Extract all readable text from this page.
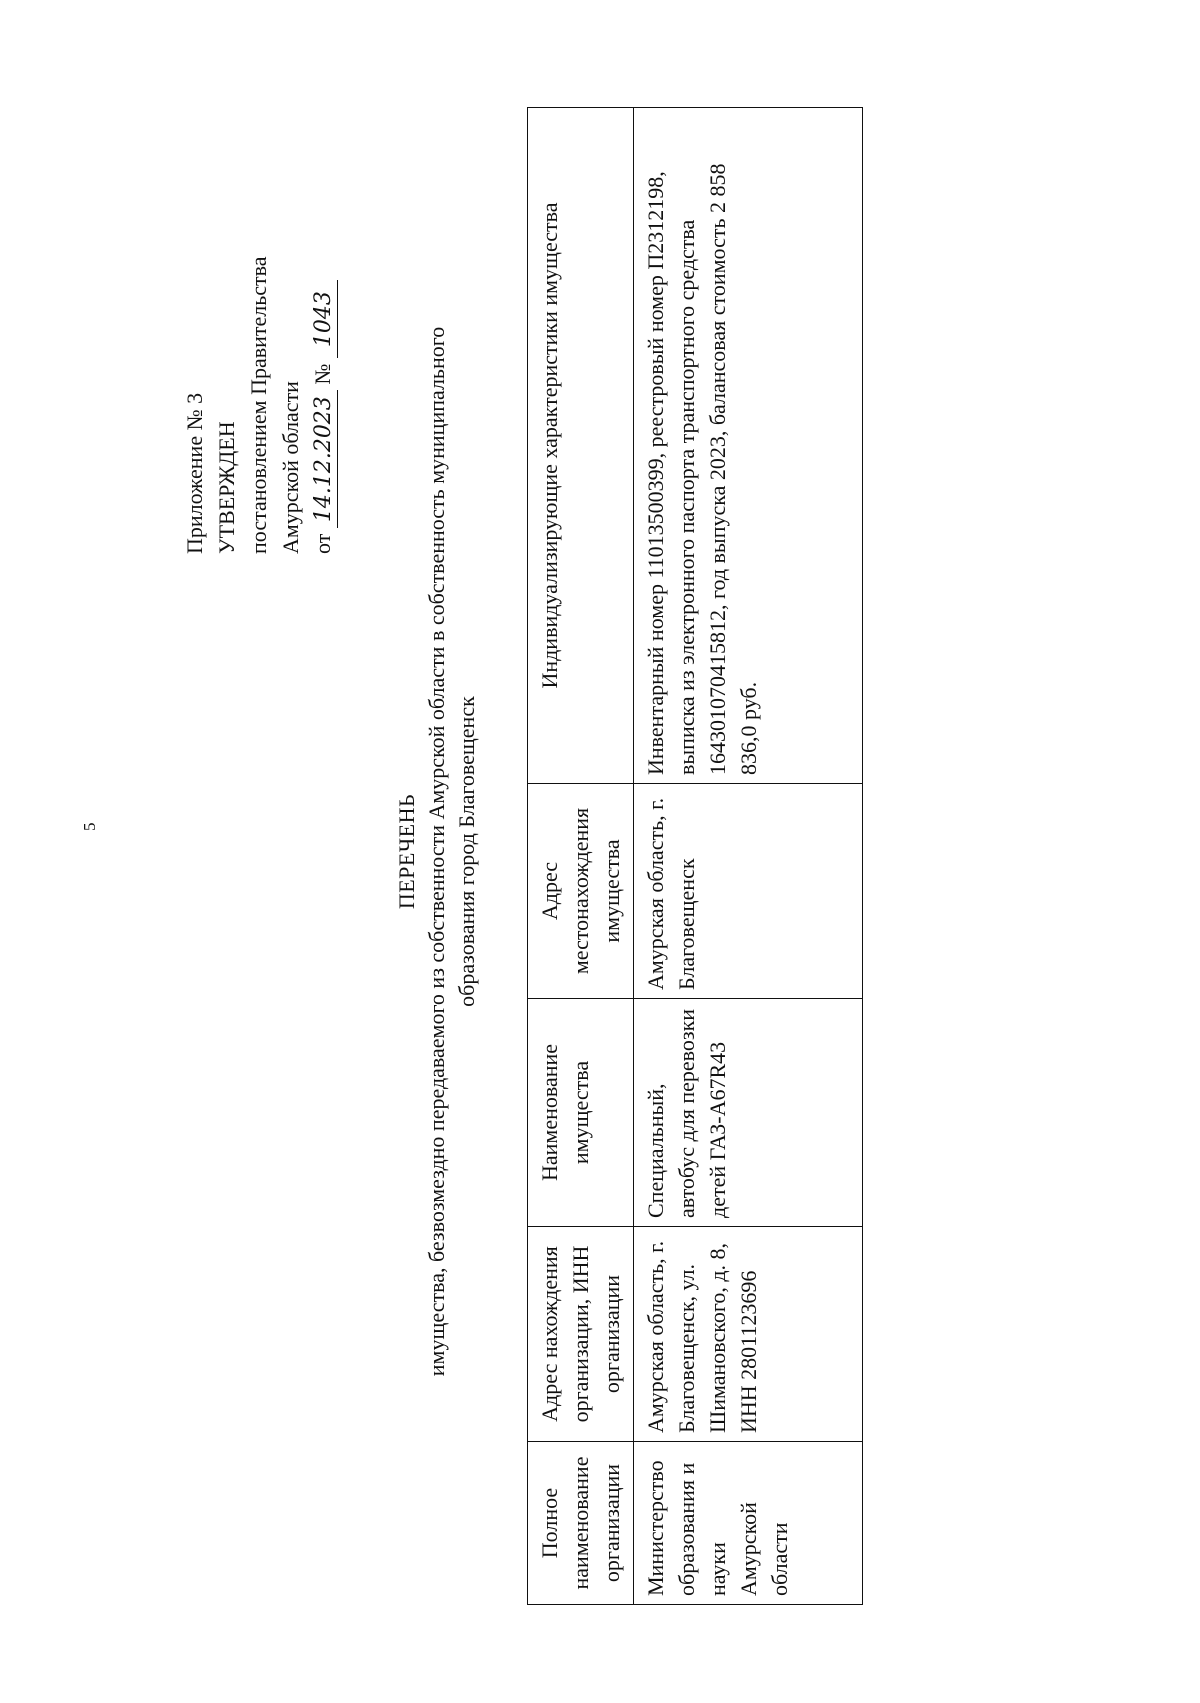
5
Приложение № 3 УТВЕРЖДЕН постановлением Правительства Амурской области от 14.12.2023 № 1043
ПЕРЕЧЕНЬ имущества, безвозмездно передаваемого из собственности Амурской области в собственность муниципального образования город Благовещенск
Полное наименование организации	Адрес нахождения организации, ИНН организации	Наименование имущества	Адрес местонахождения имущества	Индивидуализирующие характеристики имущества
Министерство образования и науки Амурской области	Амурская область, г. Благовещенск, ул. Шимановского, д. 8, ИНН 2801123696	Специальный, автобус для перевозки детей ГАЗ-А67R43	Амурская область, г. Благовещенск	Инвентарный номер 11013500399, реестровый номер П2312198, выписка из электронного паспорта транспортного средства 164301070415812, год выпуска 2023, балансовая стоимость 2 858 836,0 руб.
